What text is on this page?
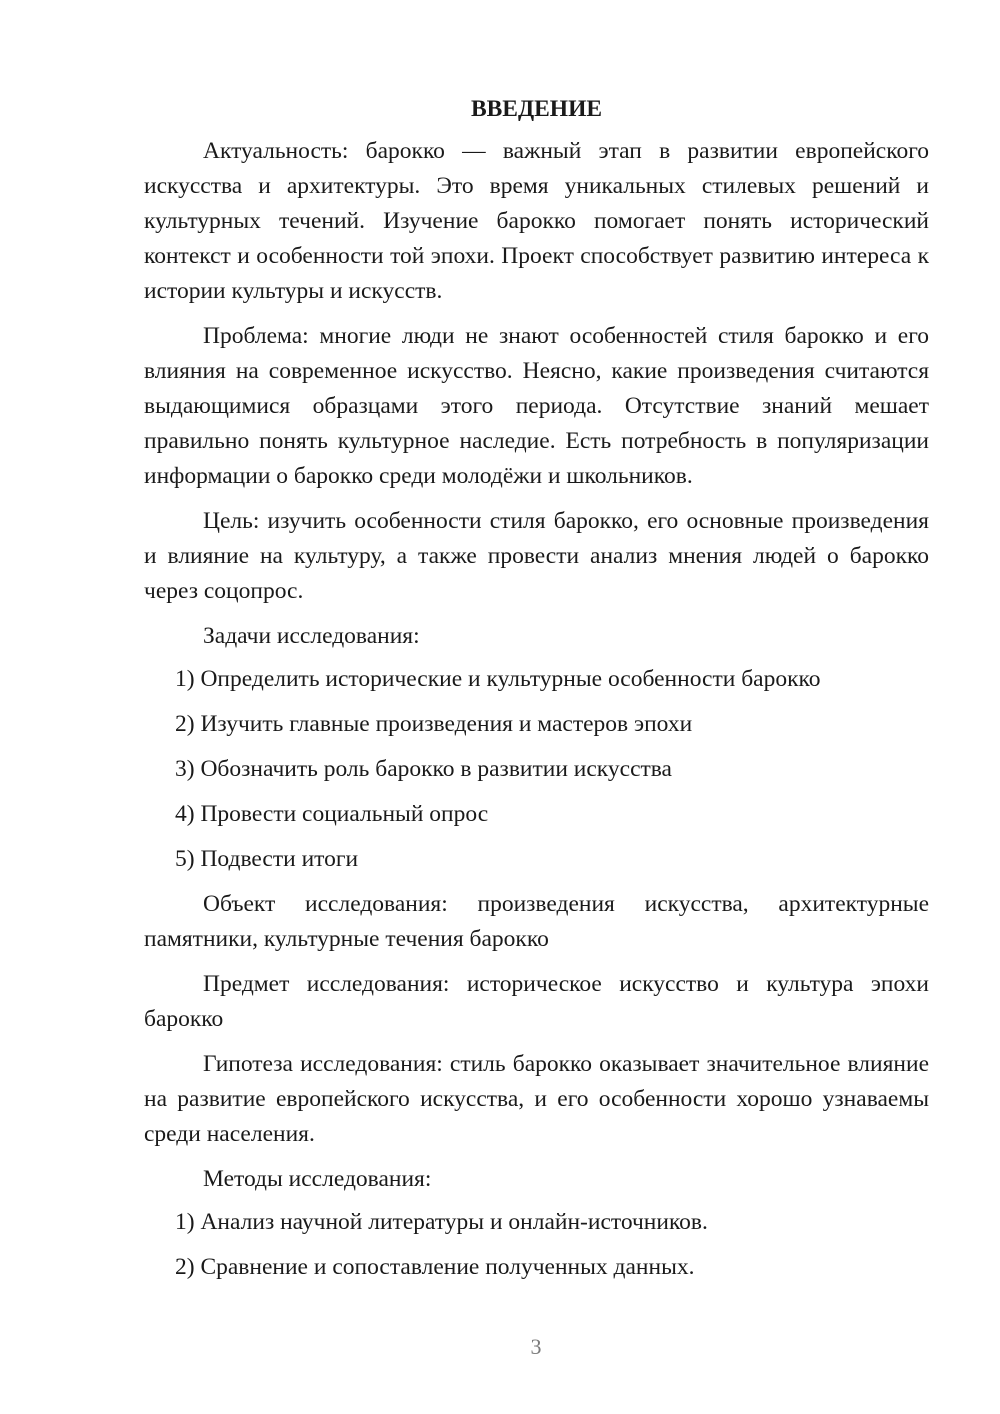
ВВЕДЕНИЕ

Актуальность: барокко — важный этап в развитии европейского искусства и архитектуры. Это время уникальных стилевых решений и культурных течений. Изучение барокко помогает понять исторический контекст и особенности той эпохи. Проект способствует развитию интереса к истории культуры и искусств.

Проблема: многие люди не знают особенностей стиля барокко и его влияния на современное искусство. Неясно, какие произведения считаются выдающимися образцами этого периода. Отсутствие знаний мешает правильно понять культурное наследие. Есть потребность в популяризации информации о барокко среди молодёжи и школьников.

Цель: изучить особенности стиля барокко, его основные произведения и влияние на культуру, а также провести анализ мнения людей о барокко через соцопрос.

Задачи исследования:

1) Определить исторические и культурные особенности барокко
2) Изучить главные произведения и мастеров эпохи
3) Обозначить роль барокко в развитии искусства
4) Провести социальный опрос
5) Подвести итоги

Объект исследования: произведения искусства, архитектурные памятники, культурные течения барокко

Предмет исследования: историческое искусство и культура эпохи барокко

Гипотеза исследования: стиль барокко оказывает значительное влияние на развитие европейского искусства, и его особенности хорошо узнаваемы среди населения.

Методы исследования:

1) Анализ научной литературы и онлайн-источников.
2) Сравнение и сопоставление полученных данных.
3
